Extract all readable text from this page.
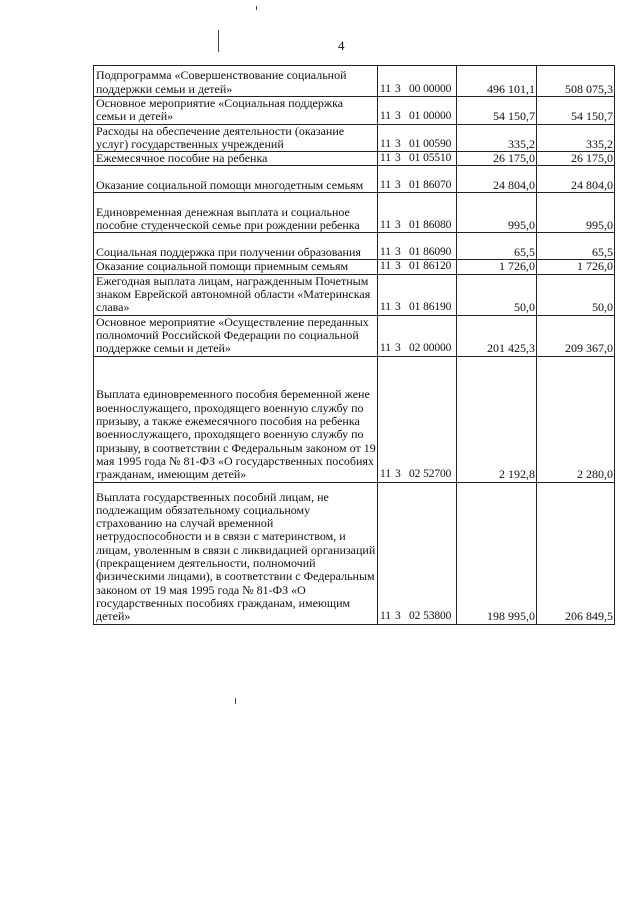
4
Подпрограмма «Совершенствование социальной поддержки семьи и детей»	11 3 00 00000	496 101,1	508 075,3
Основное мероприятие «Социальная поддержка семьи и детей»	11 3 01 00000	54 150,7	54 150,7
Расходы на обеспечение деятельности (оказание услуг) государственных учреждений	11 3 01 00590	335,2	335,2
Ежемесячное пособие на ребенка	11 3 01 05510	26 175,0	26 175,0
Оказание социальной помощи многодетным семьям	11 3 01 86070	24 804,0	24 804,0
Единовременная денежная выплата и социальное пособие студенческой семье при рождении ребенка	11 3 01 86080	995,0	995,0
Социальная поддержка при получении образования	11 3 01 86090	65,5	65,5
Оказание социальной помощи приемным семьям	11 3 01 86120	1 726,0	1 726,0
Ежегодная выплата лицам, награжденным Почетным знаком Еврейской автономной области «Материнская слава»	11 3 01 86190	50,0	50,0
Основное мероприятие «Осуществление переданных полномочий Российской Федерации по социальной поддержке семьи и детей»	11 3 02 00000	201 425,3	209 367,0
Выплата единовременного пособия беременной жене военнослужащего, проходящего военную службу по призыву, а также ежемесячного пособия на ребенка военнослужащего, проходящего военную службу по призыву, в соответствии с Федеральным законом от 19 мая 1995 года № 81-ФЗ «О государственных пособиях гражданам, имеющим детей»	11 3 02 52700	2 192,8	2 280,0
Выплата государственных пособий лицам, не подлежащим обязательному социальному страхованию на случай временной нетрудоспособности и в связи с материнством, и лицам, уволенным в связи с ликвидацией организаций (прекращением деятельности, полномочий физическими лицами), в соответствии с Федеральным законом от 19 мая 1995 года № 81-ФЗ «О государственных пособиях гражданам, имеющим детей»	11 3 02 53800	198 995,0	206 849,5
